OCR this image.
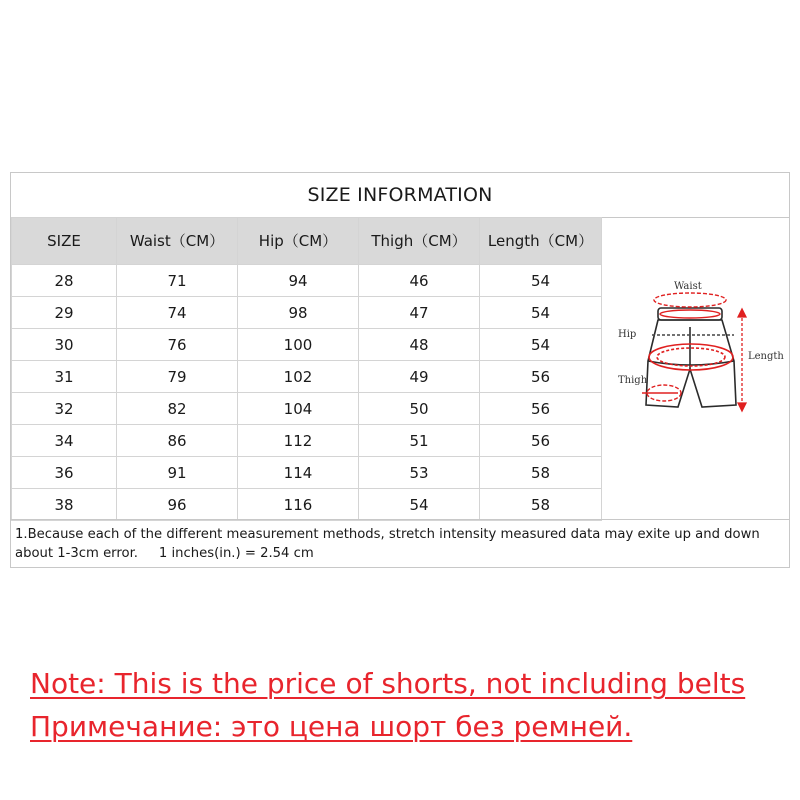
SIZE INFORMATION
SIZE	Waist（CM）	Hip（CM）	Thigh（CM）	Length（CM）
28	71	94	46	54
29	74	98	47	54
30	76	100	48	54
31	79	102	49	56
32	82	104	50	56
34	86	112	51	56
36	91	114	53	58
38	96	116	54	58
Waist
Hip
Thigh
Length
1.Because each of the different measurement methods, stretch intensity measured data may exite up and down  about 1-3cm error.     1 inches(in.) = 2.54 cm
Note: This is the price of shorts, not including belts
Примечание: это цена шорт без ремней.
